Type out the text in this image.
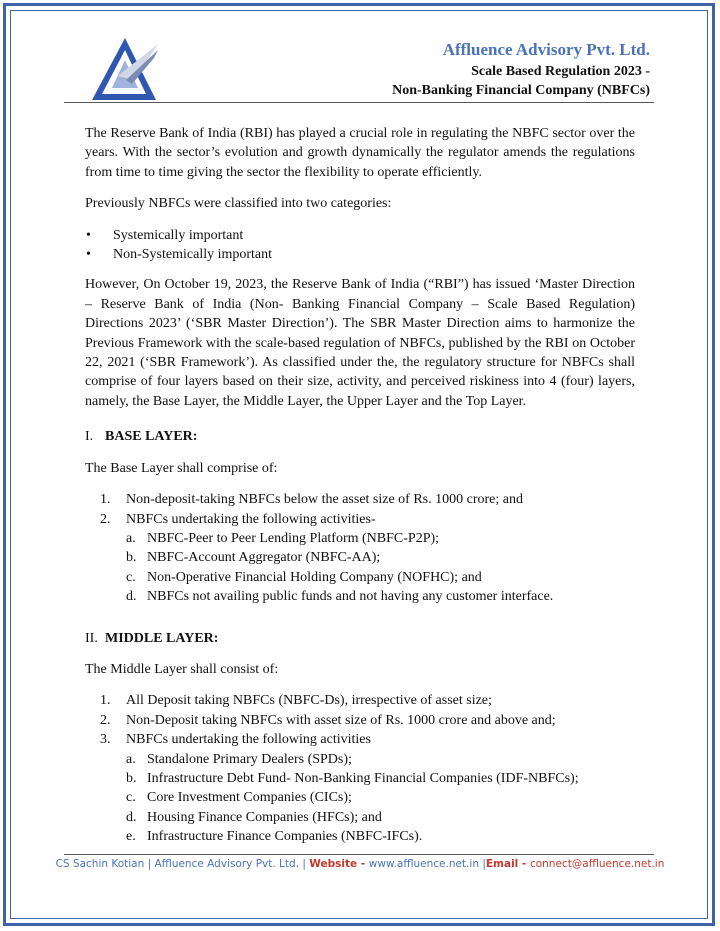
Affluence Advisory Pvt. Ltd.
Scale Based Regulation 2023 -
Non-Banking Financial Company (NBFCs)

The Reserve Bank of India (RBI) has played a crucial role in regulating the NBFC sector over the years. With the sector’s evolution and growth dynamically the regulator amends the regulations from time to time giving the sector the flexibility to operate efficiently.

Previously NBFCs were classified into two categories:

• Systemically important
• Non-Systemically important

However, On October 19, 2023, the Reserve Bank of India (“RBI”) has issued ‘Master Direction – Reserve Bank of India (Non- Banking Financial Company – Scale Based Regulation) Directions 2023’ (‘SBR Master Direction’). The SBR Master Direction aims to harmonize the Previous Framework with the scale-based regulation of NBFCs, published by the RBI on October 22, 2021 (‘SBR Framework’). As classified under the, the regulatory structure for NBFCs shall comprise of four layers based on their size, activity, and perceived riskiness into 4 (four) layers, namely, the Base Layer, the Middle Layer, the Upper Layer and the Top Layer.

I. BASE LAYER:

The Base Layer shall comprise of:

1. Non-deposit-taking NBFCs below the asset size of Rs. 1000 crore; and
2. NBFCs undertaking the following activities-
a. NBFC-Peer to Peer Lending Platform (NBFC-P2P);
b. NBFC-Account Aggregator (NBFC-AA);
c. Non-Operative Financial Holding Company (NOFHC); and
d. NBFCs not availing public funds and not having any customer interface.
II. MIDDLE LAYER:

The Middle Layer shall consist of:

1. All Deposit taking NBFCs (NBFC-Ds), irrespective of asset size;
2. Non-Deposit taking NBFCs with asset size of Rs. 1000 crore and above and;
3. NBFCs undertaking the following activities
a. Standalone Primary Dealers (SPDs);
b. Infrastructure Debt Fund- Non-Banking Financial Companies (IDF-NBFCs);
c. Core Investment Companies (CICs);
d. Housing Finance Companies (HFCs); and
e. Infrastructure Finance Companies (NBFC-IFCs).
CS Sachin Kotian | Affluence Advisory Pvt. Ltd. | Website - www.affluence.net.in |Email - connect@affluence.net.in
